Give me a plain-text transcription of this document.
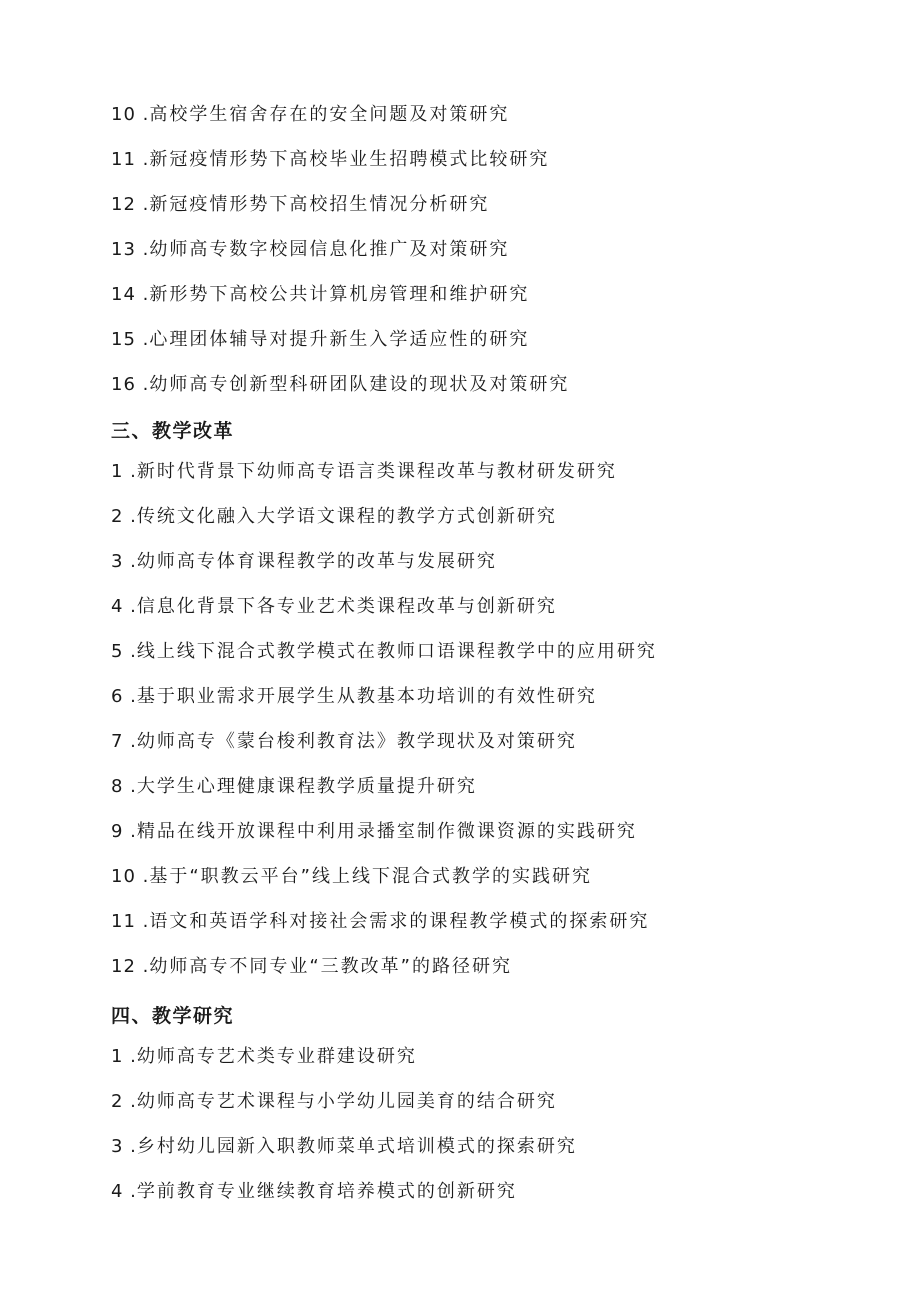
10 .高校学生宿舍存在的安全问题及对策研究
11 .新冠疫情形势下高校毕业生招聘模式比较研究
12 .新冠疫情形势下高校招生情况分析研究
13 .幼师高专数字校园信息化推广及对策研究
14 .新形势下高校公共计算机房管理和维护研究
15 .心理团体辅导对提升新生入学适应性的研究
16 .幼师高专创新型科研团队建设的现状及对策研究
三、教学改革
1 .新时代背景下幼师高专语言类课程改革与教材研发研究
2 .传统文化融入大学语文课程的教学方式创新研究
3 .幼师高专体育课程教学的改革与发展研究
4 .信息化背景下各专业艺术类课程改革与创新研究
5 .线上线下混合式教学模式在教师口语课程教学中的应用研究
6 .基于职业需求开展学生从教基本功培训的有效性研究
7 .幼师高专《蒙台梭利教育法》教学现状及对策研究
8 .大学生心理健康课程教学质量提升研究
9 .精品在线开放课程中利用录播室制作微课资源的实践研究
10 .基于“职教云平台”线上线下混合式教学的实践研究
11 .语文和英语学科对接社会需求的课程教学模式的探索研究
12 .幼师高专不同专业“三教改革”的路径研究
四、教学研究
1 .幼师高专艺术类专业群建设研究
2 .幼师高专艺术课程与小学幼儿园美育的结合研究
3 .乡村幼儿园新入职教师菜单式培训模式的探索研究
4 .学前教育专业继续教育培养模式的创新研究
